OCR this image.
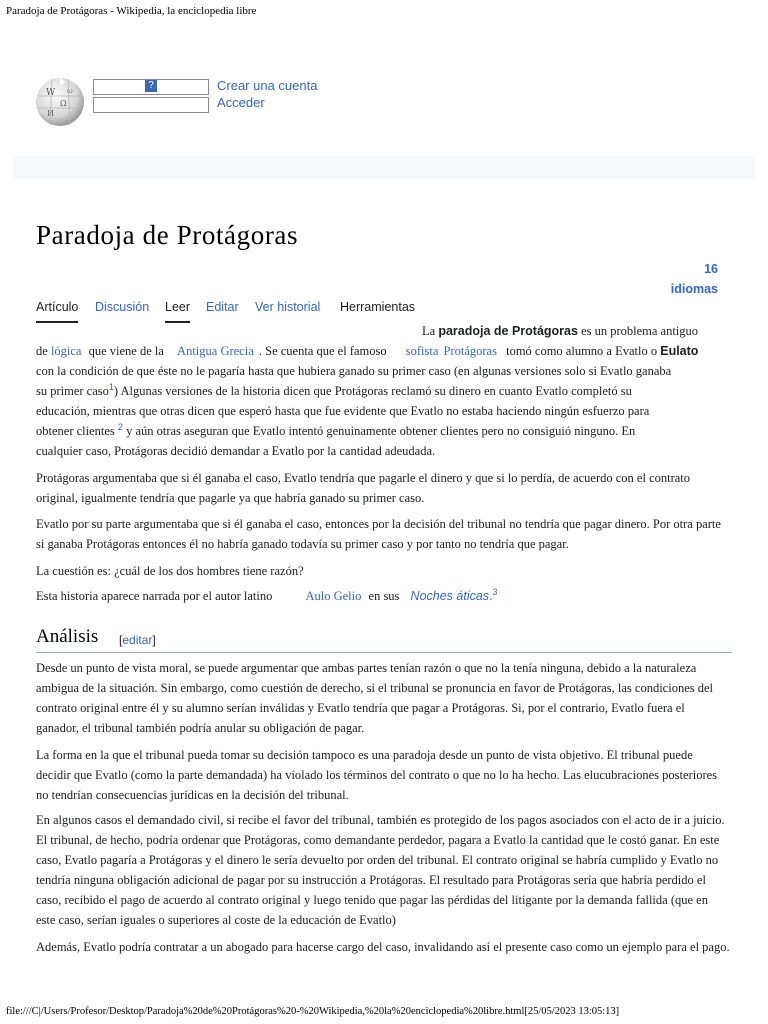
Paradoja de Protágoras - Wikipedia, la enciclopedia libre
W
Ω
И
ω	?	Crear una cuenta
Acceder
Paradoja de Protágoras
16
idiomas
Artículo Discusión Leer Editar Ver historial Herramientas
La paradoja de Protágoras es un problema antiguo
de lógica que viene de la Antigua Grecia . Se cuenta que el famoso sofista Protágoras tomó como alumno a Evatlo o Eulato
con la condición de que éste no le pagaría hasta que hubiera ganado su primer caso (en algunas versiones solo si Evatlo ganaba
su primer caso$^1$) Algunas versiones de la historia dicen que Protágoras reclamó su dinero en cuanto Evatlo completó su
educación, mientras que otras dicen que esperó hasta que fue evidente que Evatlo no estaba haciendo ningún esfuerzo para
obtener clientes $^2$ y aún otras aseguran que Evatlo intentó genuinamente obtener clientes pero no consiguió ninguno. En
cualquier caso, Protágoras decidió demandar a Evatlo por la cantidad adeudada.

Protágoras argumentaba que si él ganaba el caso, Evatlo tendría que pagarle el dinero y que si lo perdía, de acuerdo con el contrato original, igualmente tendría que pagarle ya que habría ganado su primer caso.

Evatlo por su parte argumentaba que si él ganaba el caso, entonces por la decisión del tribunal no tendría que pagar dinero. Por otra parte si ganaba Protágoras entonces él no habría ganado todavía su primer caso y por tanto no tendría que pagar.

La cuestión es: ¿cuál de los dos hombres tiene razón?

Esta historia aparece narrada por el autor latino	Aulo Gelio en sus Noches áticas.$^3$
Análisis [editar]

Desde un punto de vista moral, se puede argumentar que ambas partes tenían razón o que no la tenía ninguna, debido a la naturaleza ambigua de la situación. Sin embargo, como cuestión de derecho, si el tribunal se pronuncia en favor de Protágoras, las condiciones del contrato original entre él y su alumno serían inválidas y Evatlo tendría que pagar a Protágoras. Si, por el contrario, Evatlo fuera el ganador, el tribunal también podría anular su obligación de pagar.

La forma en la que el tribunal pueda tomar su decisión tampoco es una paradoja desde un punto de vista objetivo. El tribunal puede decidir que Evatlo (como la parte demandada) ha violado los términos del contrato o que no lo ha hecho. Las elucubraciones posteriores no tendrían consecuencias jurídicas en la decisión del tribunal.

En algunos casos el demandado civil, si recibe el favor del tribunal, también es protegido de los pagos asociados con el acto de ir a juicio. El tribunal, de hecho, podría ordenar que Protágoras, como demandante perdedor, pagara a Evatlo la cantidad que le costó ganar. En este caso, Evatlo pagaría a Protágoras y el dinero le sería devuelto por orden del tribunal. El contrato original se habría cumplido y Evatlo no tendría ninguna obligación adicional de pagar por su instrucción a Protágoras. El resultado para Protágoras sería que habría perdido el caso, recibido el pago de acuerdo al contrato original y luego tenido que pagar las pérdidas del litigante por la demanda fallida (que en este caso, serían iguales o superiores al coste de la educación de Evatlo)

Además, Evatlo podría contratar a un abogado para hacerse cargo del caso, invalidando así el presente caso como un ejemplo para el pago.

file:///C|/Users/Profesor/Desktop/Paradoja%20de%20Protágoras%20-%20Wikipedia,%20la%20enciclopedia%20libre.html[25/05/2023 13:05:13]
